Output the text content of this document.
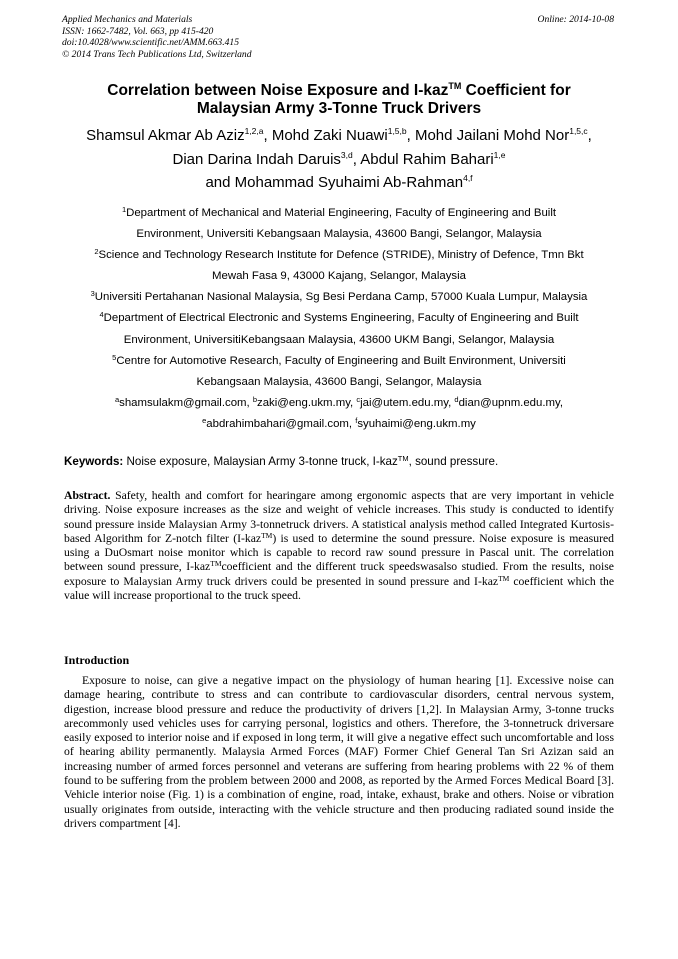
Applied Mechanics and Materials
ISSN: 1662-7482, Vol. 663, pp 415-420
doi:10.4028/www.scientific.net/AMM.663.415
© 2014 Trans Tech Publications Ltd, Switzerland
Online: 2014-10-08
Correlation between Noise Exposure and I-kaz™ Coefficient for
Malaysian Army 3-Tonne Truck Drivers
Shamsul Akmar Ab Aziz$^{1,2,a}$, Mohd Zaki Nuawi$^{1,5,b}$, Mohd Jailani Mohd Nor$^{1,5,c}$,
Dian Darina Indah Daruis$^{3,d}$, Abdul Rahim Bahari$^{1,e}$
and Mohammad Syuhaimi Ab-Rahman$^{4,f}$
$^1$Department of Mechanical and Material Engineering, Faculty of Engineering and Built
Environment, Universiti Kebangsaan Malaysia, 43600 Bangi, Selangor, Malaysia
$^2$Science and Technology Research Institute for Defence (STRIDE), Ministry of Defence, Tmn Bkt
Mewah Fasa 9, 43000 Kajang, Selangor, Malaysia
$^3$Universiti Pertahanan Nasional Malaysia, Sg Besi Perdana Camp, 57000 Kuala Lumpur, Malaysia
$^4$Department of Electrical Electronic and Systems Engineering, Faculty of Engineering and Built
Environment, UniversitiKebangsaan Malaysia, 43600 UKM Bangi, Selangor, Malaysia
$^5$Centre for Automotive Research, Faculty of Engineering and Built Environment, Universiti
Kebangsaan Malaysia, 43600 Bangi, Selangor, Malaysia
$^a$shamsulakm@gmail.com, $^b$zaki@eng.ukm.my, $^c$jai@utem.edu.my, $^d$dian@upnm.edu.my,
$^e$abdrahimbahari@gmail.com, $^f$syuhaimi@eng.ukm.my
Keywords: Noise exposure, Malaysian Army 3-tonne truck, I-kaz™, sound pressure.

Abstract. Safety, health and comfort for hearingare among ergonomic aspects that are very important in vehicle driving. Noise exposure increases as the size and weight of vehicle increases. This study is conducted to identify sound pressure inside Malaysian Army 3-tonnetruck drivers. A statistical analysis method called Integrated Kurtosis-based Algorithm for Z-notch filter (I-kaz™) is used to determine the sound pressure. Noise exposure is measured using a DuOsmart noise monitor which is capable to record raw sound pressure in Pascal unit. The correlation between sound pressure, I-kaz™coefficient and the different truck speedswasalso studied. From the results, noise exposure to Malaysian Army truck drivers could be presented in sound pressure and I-kaz™ coefficient which the value will increase proportional to the truck speed.

Introduction

Exposure to noise, can give a negative impact on the physiology of human hearing [1]. Excessive noise can damage hearing, contribute to stress and can contribute to cardiovascular disorders, central nervous system, digestion, increase blood pressure and reduce the productivity of drivers [1,2]. In Malaysian Army, 3-tonne trucks arecommonly used vehicles uses for carrying personal, logistics and others. Therefore, the 3-tonnetruck driversare easily exposed to interior noise and if exposed in long term, it will give a negative effect such uncomfortable and loss of hearing ability permanently. Malaysia Armed Forces (MAF) Former Chief General Tan Sri Azizan said an increasing number of armed forces personnel and veterans are suffering from hearing problems with 22 % of them found to be suffering from the problem between 2000 and 2008, as reported by the Armed Forces Medical Board [3]. Vehicle interior noise (Fig. 1) is a combination of engine, road, intake, exhaust, brake and others. Noise or vibration usually originates from outside, interacting with the vehicle structure and then producing radiated sound inside the drivers compartment [4].
